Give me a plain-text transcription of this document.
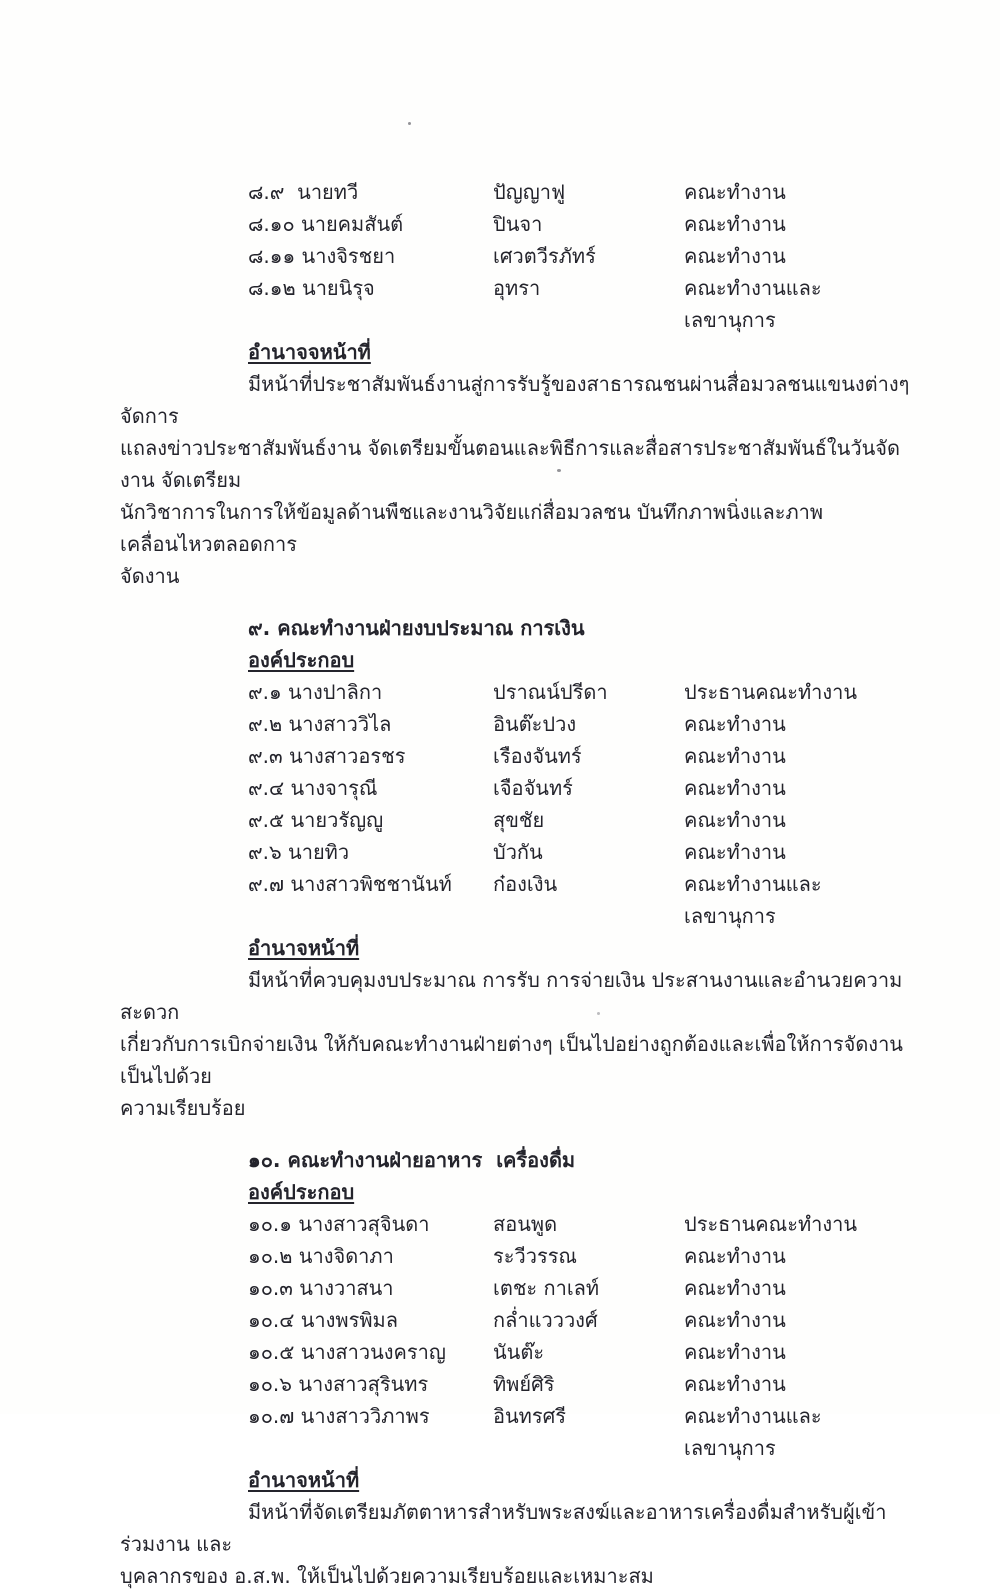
๘.๙  นายทวี	ปัญญาฟู	คณะทำงาน
๘.๑๐ นายคมสันต์	ปินจา	คณะทำงาน
๘.๑๑ นางจิรชยา	เศวตวีรภัทร์	คณะทำงาน
๘.๑๒ นายนิรุจ	อุทรา	คณะทำงานและเลขานุการ
อำนาจจหน้าที่
มีหน้าที่ประชาสัมพันธ์งานสู่การรับรู้ของสาธารณชนผ่านสื่อมวลชนแขนงต่างๆ จัดการ
แถลงข่าวประชาสัมพันธ์งาน จัดเตรียมขั้นตอนและพิธีการและสื่อสารประชาสัมพันธ์ในวันจัดงาน จัดเตรียม
นักวิชาการในการให้ข้อมูลด้านพืชและงานวิจัยแก่สื่อมวลชน บันทึกภาพนิ่งและภาพเคลื่อนไหวตลอดการ
จัดงาน
๙. คณะทำงานฝ่ายงบประมาณ การเงิน
องค์ประกอบ
๙.๑ นางปาลิกา	ปราณน์ปรีดา	ประธานคณะทำงาน
๙.๒ นางสาววิไล	อินต๊ะปวง	คณะทำงาน
๙.๓ นางสาวอรชร	เรืองจันทร์	คณะทำงาน
๙.๔ นางจารุณี	เจือจันทร์	คณะทำงาน
๙.๕ นายวรัญญู	สุขชัย	คณะทำงาน
๙.๖ นายทิว	บัวกัน	คณะทำงาน
๙.๗ นางสาวพิชชานันท์	ก๋องเงิน	คณะทำงานและเลขานุการ
อำนาจหน้าที่
มีหน้าที่ควบคุมงบประมาณ การรับ การจ่ายเงิน ประสานงานและอำนวยความสะดวก
เกี่ยวกับการเบิกจ่ายเงิน ให้กับคณะทำงานฝ่ายต่างๆ เป็นไปอย่างถูกต้องและเพื่อให้การจัดงานเป็นไปด้วย
ความเรียบร้อย
๑๐. คณะทำงานฝ่ายอาหาร  เครื่องดื่ม
องค์ประกอบ
๑๐.๑ นางสาวสุจินดา	สอนพูด	ประธานคณะทำงาน
๑๐.๒ นางจิดาภา	ระวีวรรณ	คณะทำงาน
๑๐.๓ นางวาสนา	เตชะ กาเลท์	คณะทำงาน
๑๐.๔ นางพรพิมล	กล่ำแวววงศ์	คณะทำงาน
๑๐.๕ นางสาวนงคราญ	นันต๊ะ	คณะทำงาน
๑๐.๖ นางสาวสุรินทร	ทิพย์ศิริ	คณะทำงาน
๑๐.๗ นางสาววิภาพร	อินทรศรี	คณะทำงานและเลขานุการ
อำนาจหน้าที่
มีหน้าที่จัดเตรียมภัตตาหารสำหรับพระสงฆ์และอาหารเครื่องดื่มสำหรับผู้เข้าร่วมงาน และ
บุคลากรของ อ.ส.พ. ให้เป็นไปด้วยความเรียบร้อยและเหมาะสม
